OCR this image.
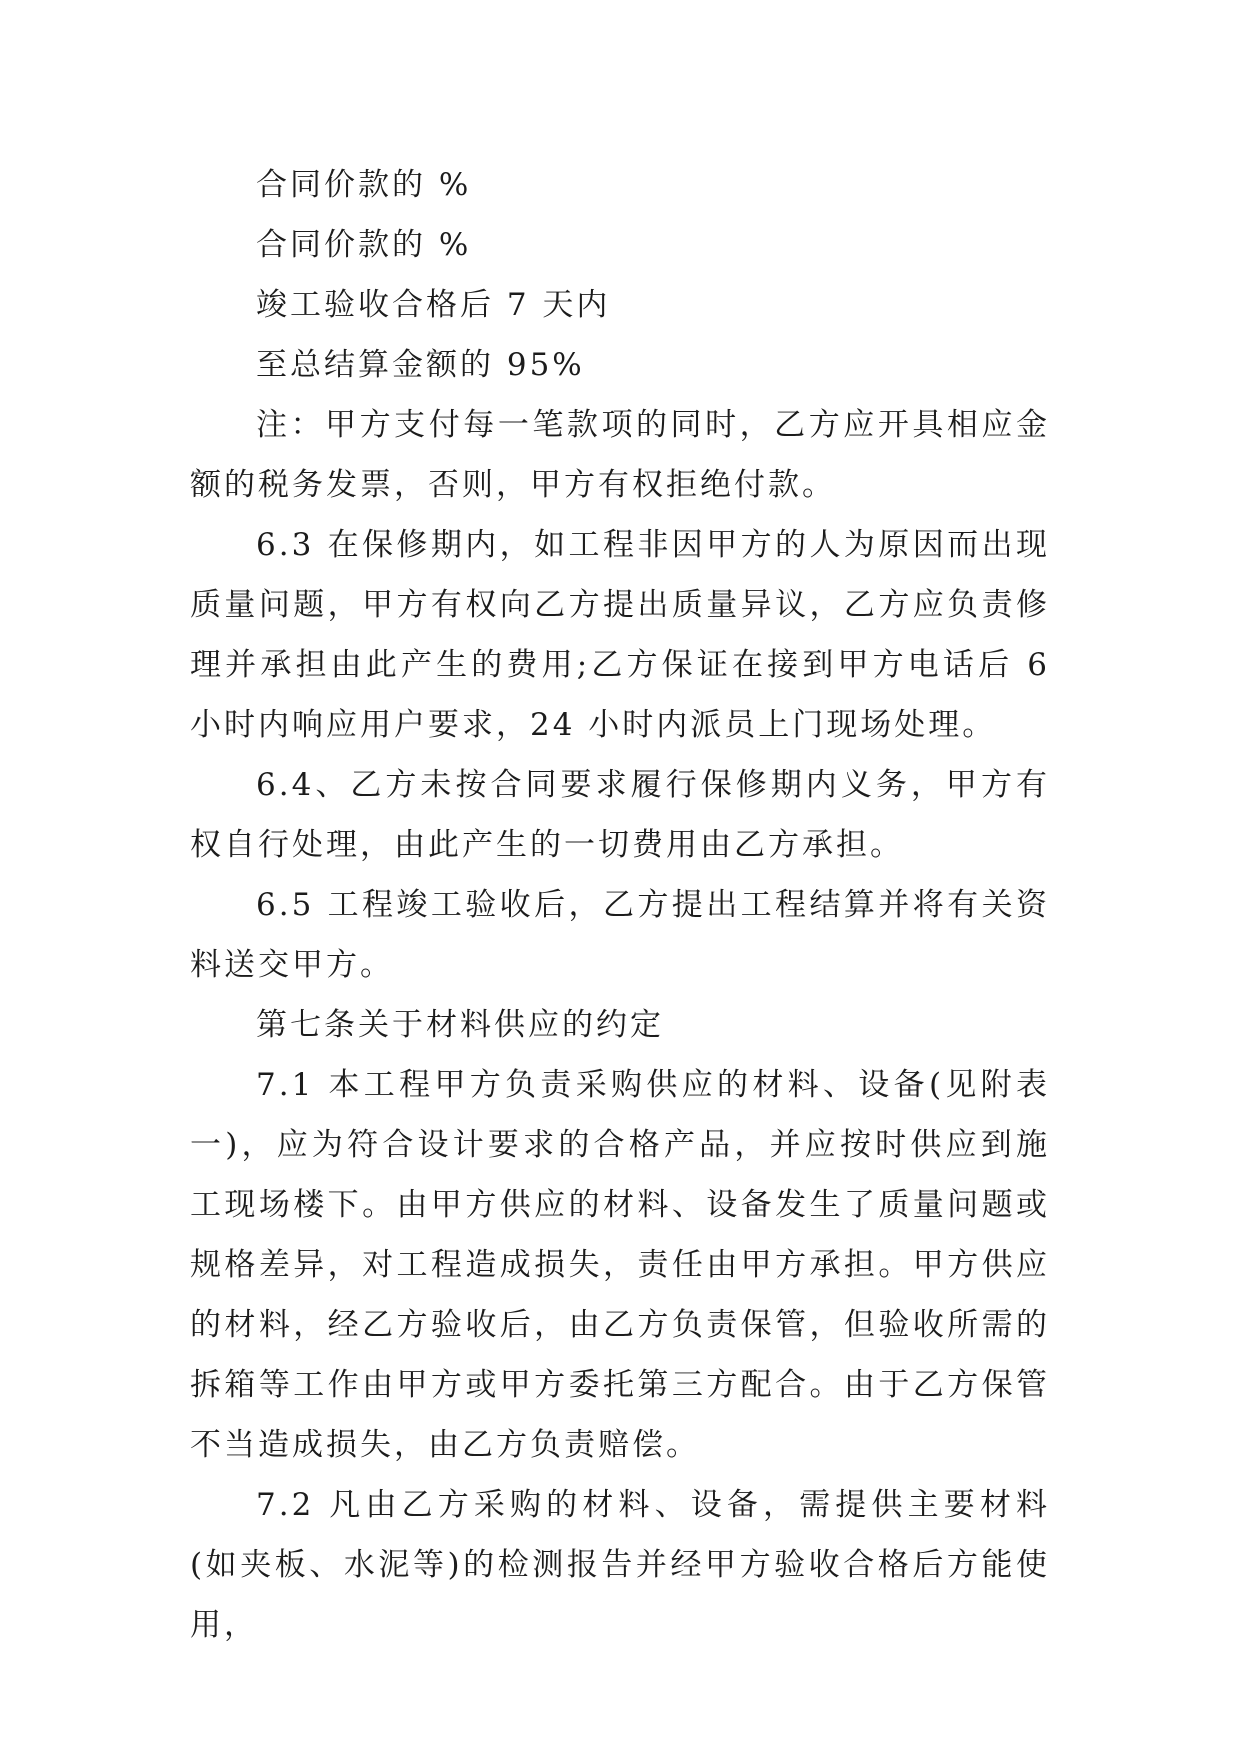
合同价款的 %

合同价款的 %

竣工验收合格后 7 天内

至总结算金额的 95%

注：甲方支付每一笔款项的同时，乙方应开具相应金额的税务发票，否则，甲方有权拒绝付款。

6.3 在保修期内，如工程非因甲方的人为原因而出现质量问题，甲方有权向乙方提出质量异议，乙方应负责修理并承担由此产生的费用;乙方保证在接到甲方电话后 6 小时内响应用户要求，24 小时内派员上门现场处理。

6.4、乙方未按合同要求履行保修期内义务，甲方有权自行处理，由此产生的一切费用由乙方承担。

6.5 工程竣工验收后，乙方提出工程结算并将有关资料送交甲方。

第七条关于材料供应的约定

7.1 本工程甲方负责采购供应的材料、设备(见附表一)，应为符合设计要求的合格产品，并应按时供应到施工现场楼下。由甲方供应的材料、设备发生了质量问题或规格差异，对工程造成损失，责任由甲方承担。甲方供应的材料，经乙方验收后，由乙方负责保管，但验收所需的拆箱等工作由甲方或甲方委托第三方配合。由于乙方保管不当造成损失，由乙方负责赔偿。

7.2 凡由乙方采购的材料、设备，需提供主要材料(如夹板、水泥等)的检测报告并经甲方验收合格后方能使用，
